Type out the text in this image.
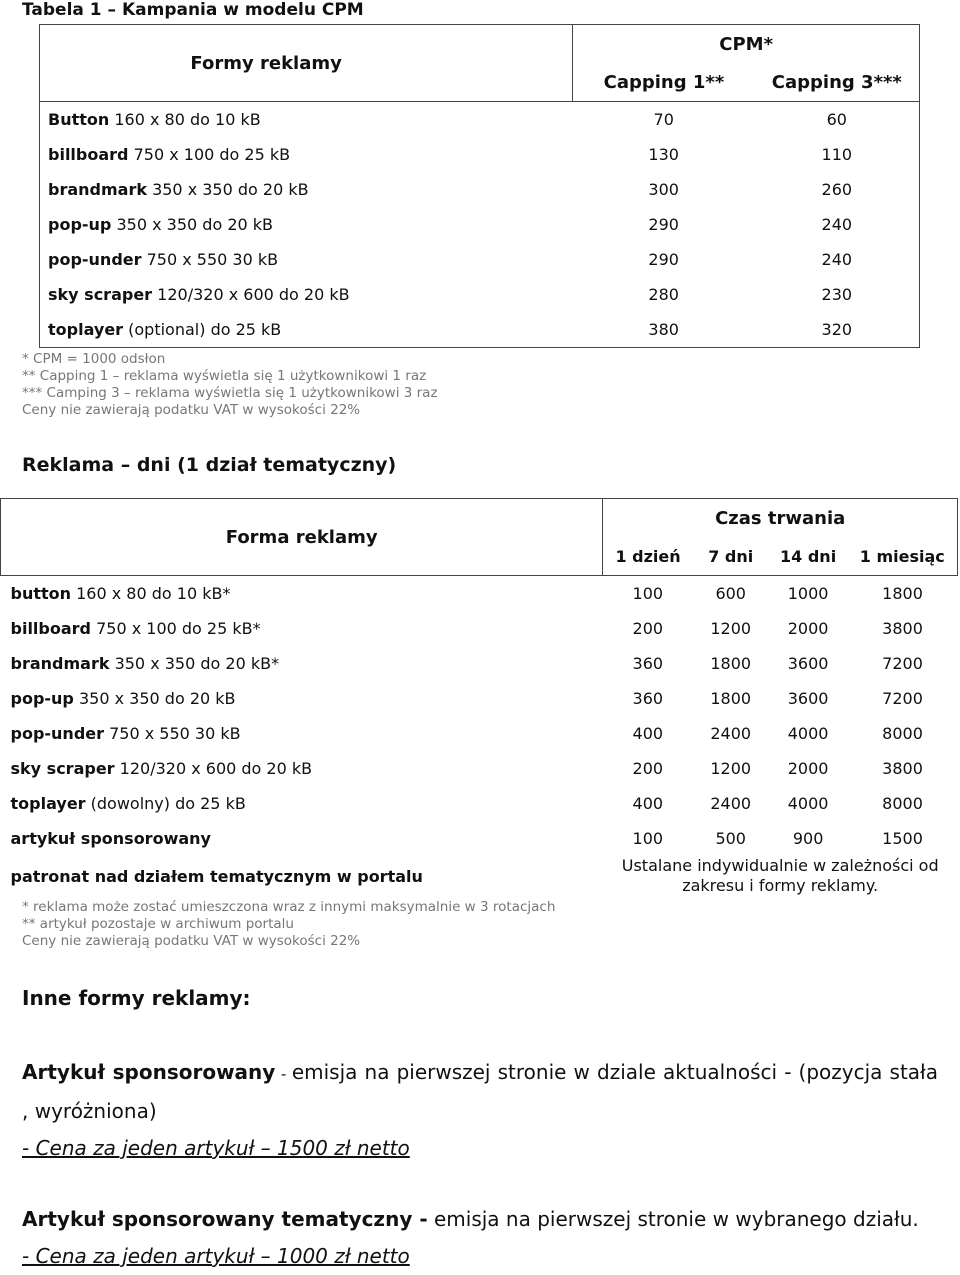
Tabela 1 – Kampania w modelu CPM
Formy reklamy	CPM*	
	Capping 1**	Capping 3***
Button 160 x 80 do 10 kB	70	60
billboard 750 x 100 do 25 kB	130	110
brandmark 350 x 350 do 20 kB	300	260
pop-up 350 x 350 do 20 kB	290	240
pop-under 750 x 550 30 kB	290	240
sky scraper 120/320 x 600 do 20 kB	280	230
toplayer (optional) do 25 kB	380	320
* CPM = 1000 odsłon
** Capping 1 – reklama wyświetla się 1 użytkownikowi 1 raz
*** Camping 3 – reklama wyświetla się 1 użytkownikowi 3 raz
Ceny nie zawierają podatku VAT w wysokości 22%
Reklama – dni (1 dział tematyczny)
Forma reklamy	Czas trwania			
	1 dzień	7 dni	14 dni	1 miesiąc
button 160 x 80 do 10 kB*	100	600	1000	1800
billboard 750 x 100 do 25 kB*	200	1200	2000	3800
brandmark 350 x 350 do 20 kB*	360	1800	3600	7200
pop-up 350 x 350 do 20 kB	360	1800	3600	7200
pop-under 750 x 550 30 kB	400	2400	4000	8000
sky scraper 120/320 x 600 do 20 kB	200	1200	2000	3800
toplayer (dowolny) do 25 kB	400	2400	4000	8000
artykuł sponsorowany	100	500	900	1500
patronat nad działem tematycznym w portalu	Ustalane indywidualnie w zależności od zakresu i formy reklamy.			
* reklama może zostać umieszczona wraz z innymi maksymalnie w 3 rotacjach
** artykuł pozostaje w archiwum portalu
Ceny nie zawierają podatku VAT w wysokości 22%
Inne formy reklamy:
Artykuł sponsorowany - emisja na pierwszej stronie w dziale aktualności - (pozycja stała , wyróżniona)
- Cena za jeden artykuł – 1500 zł netto
Artykuł sponsorowany tematyczny - emisja na pierwszej stronie w wybranego działu.
- Cena za jeden artykuł – 1000 zł netto
